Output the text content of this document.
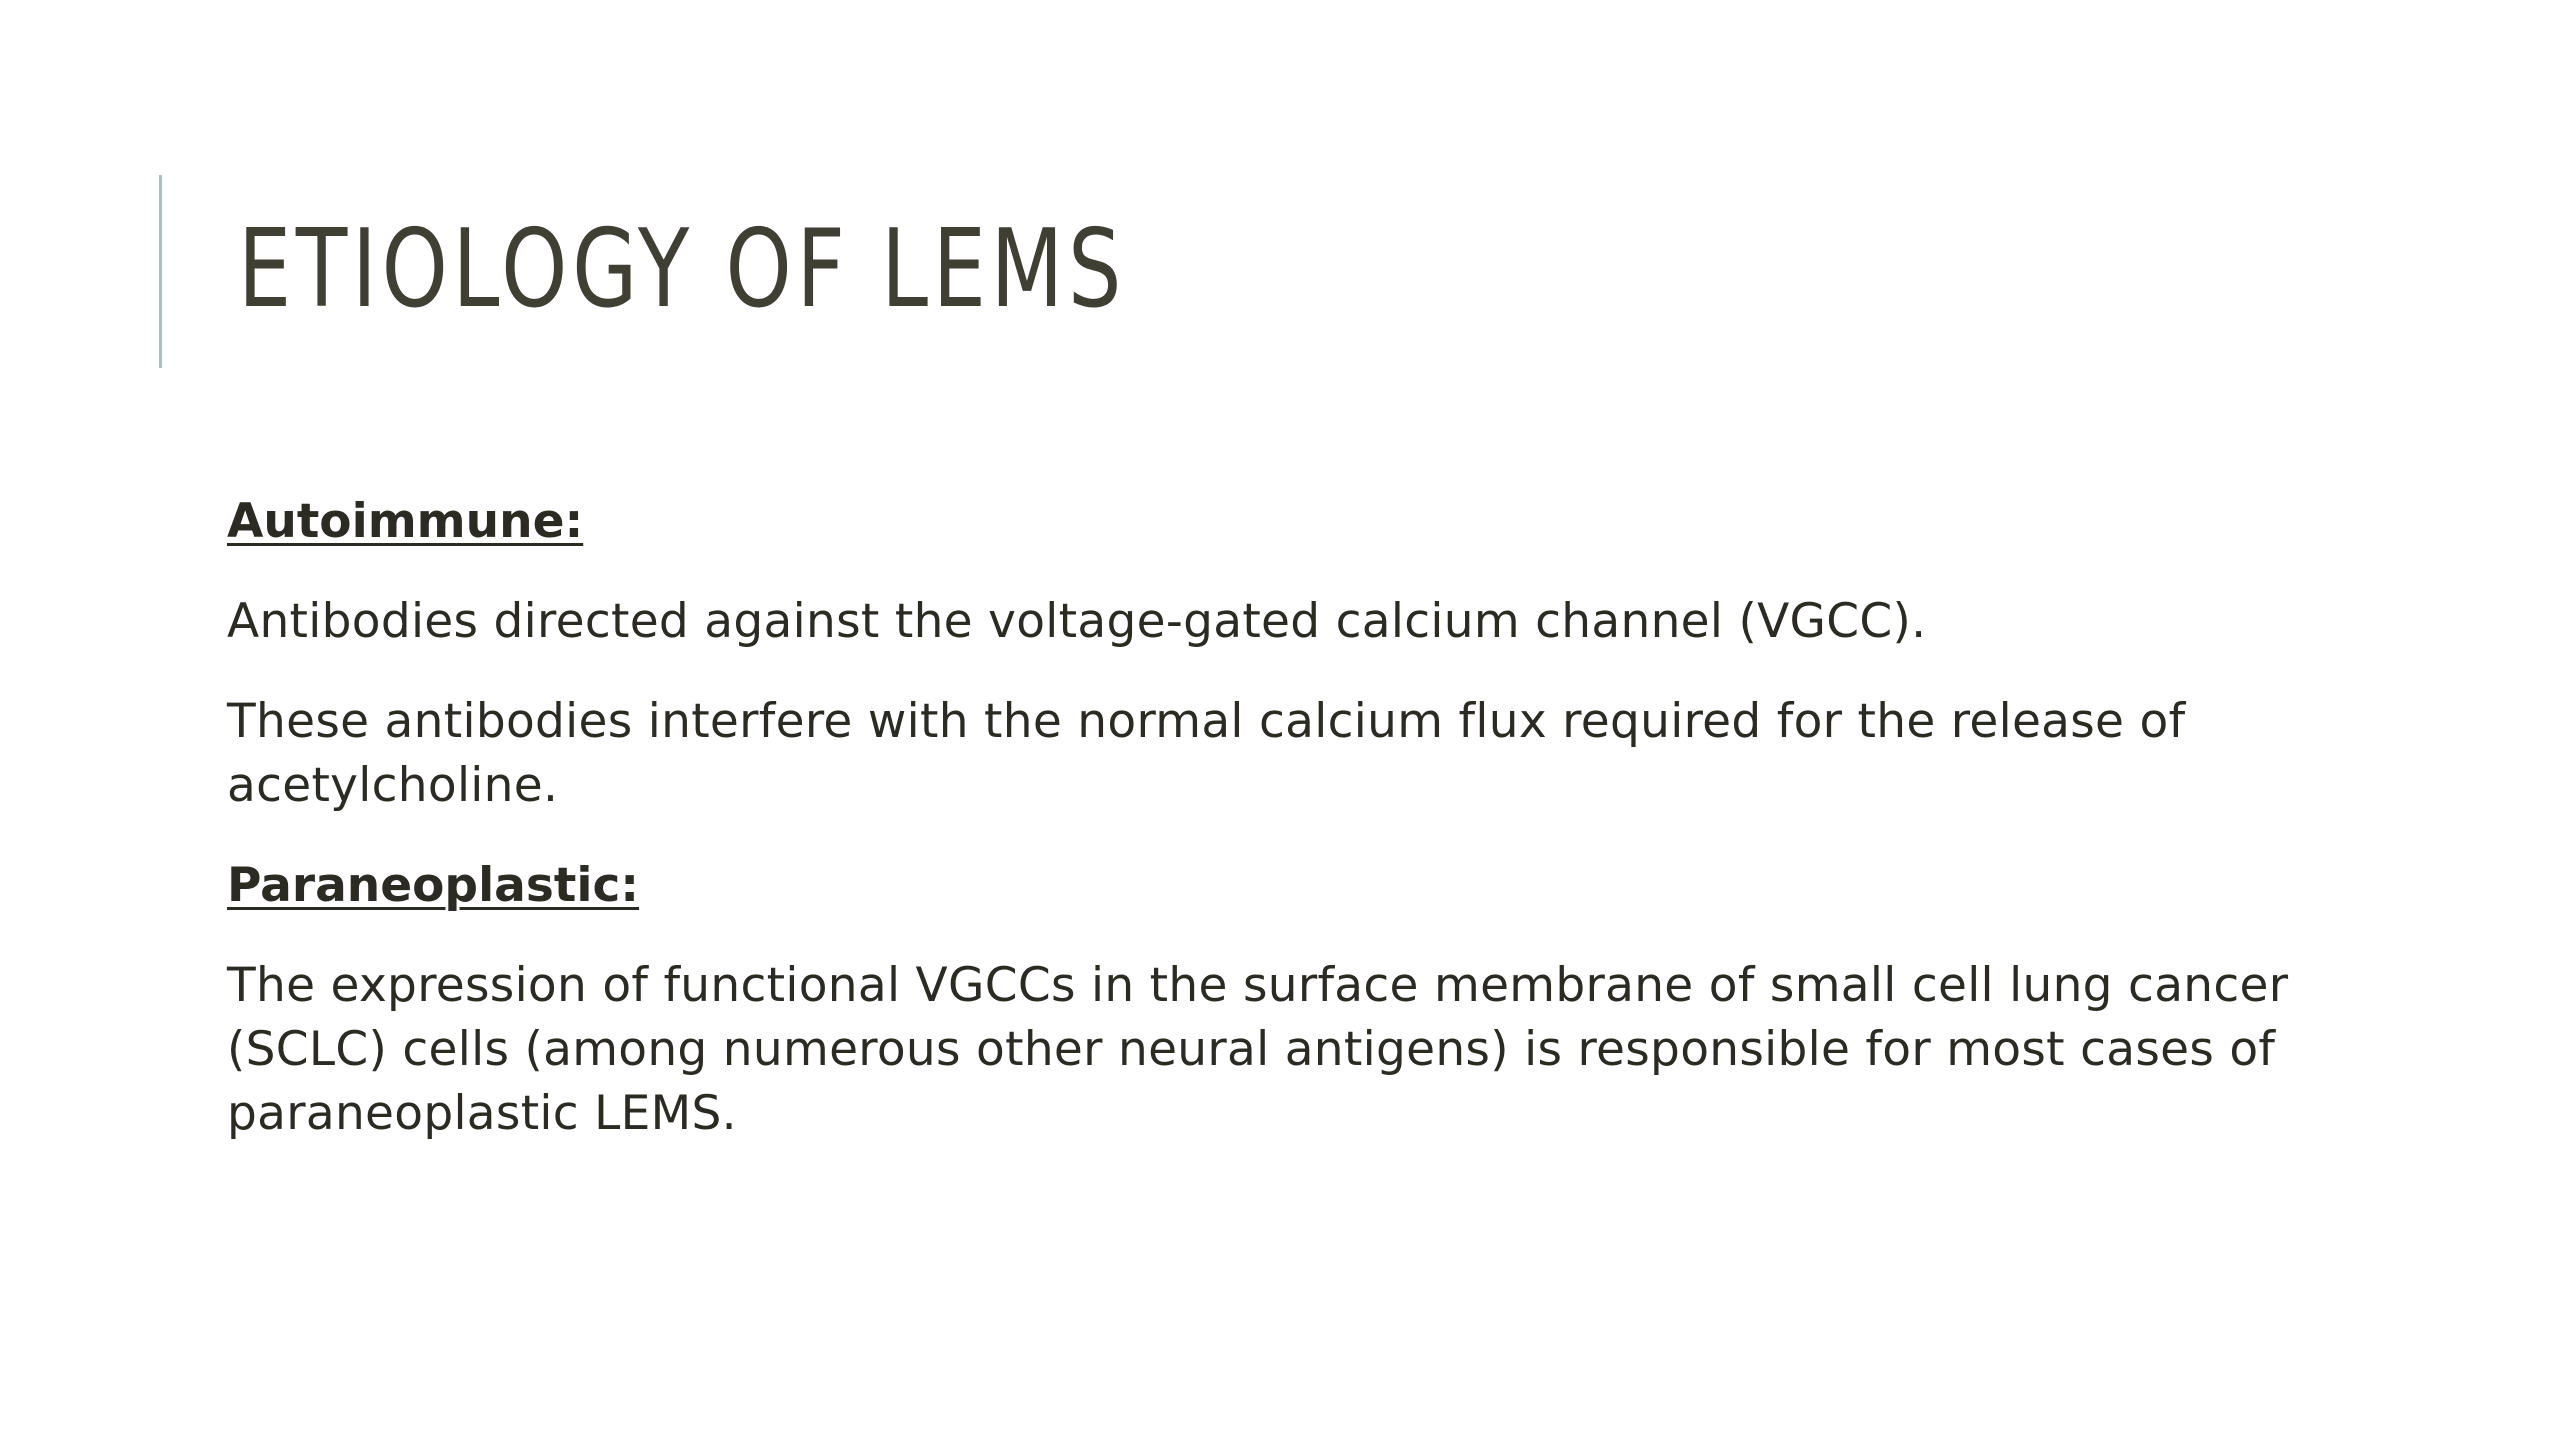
ETIOLOGY OF LEMS

Autoimmune:

Antibodies directed against the voltage-gated calcium channel (VGCC).

These antibodies interfere with the normal calcium flux required for the release of acetylcholine.

Paraneoplastic:

The expression of functional VGCCs in the surface membrane of small cell lung cancer (SCLC) cells (among numerous other neural antigens) is responsible for most cases of paraneoplastic LEMS.
